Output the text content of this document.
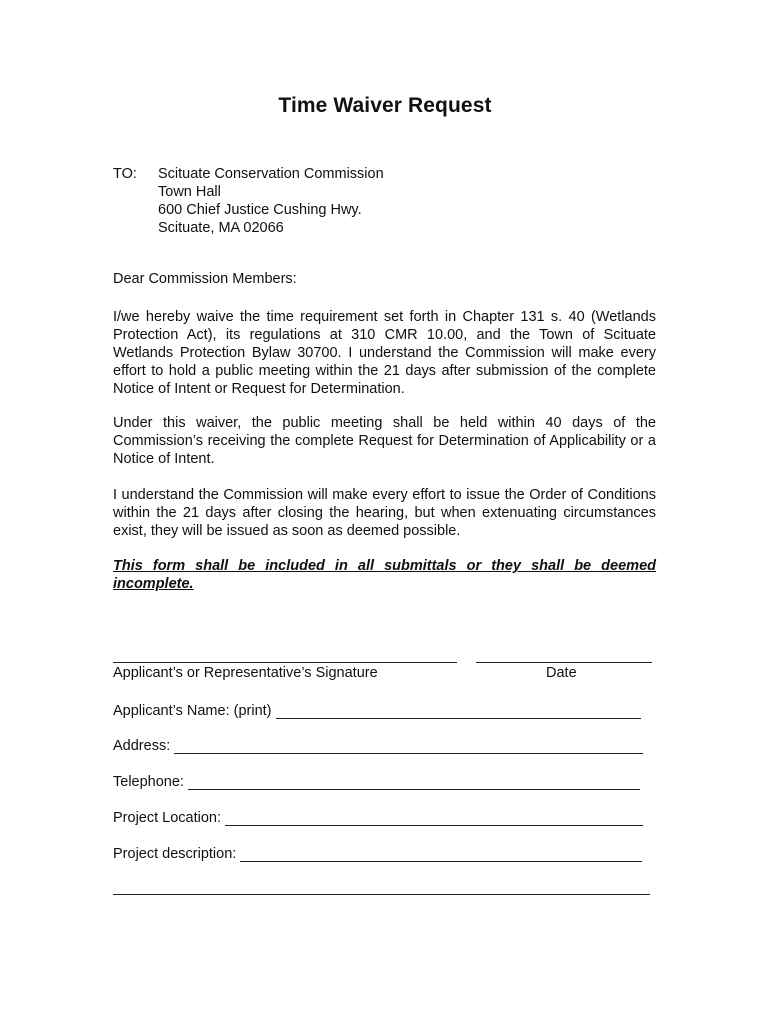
Time Waiver Request
TO: Scituate Conservation Commission
Town Hall
600 Chief Justice Cushing Hwy.
Scituate, MA 02066
Dear Commission Members:

I/we hereby waive the time requirement set forth in Chapter 131 s. 40 (Wetlands Protection Act), its regulations at 310 CMR 10.00, and the Town of Scituate Wetlands Protection Bylaw 30700. I understand the Commission will make every effort to hold a public meeting within the 21 days after submission of the complete Notice of Intent or Request for Determination.

Under this waiver, the public meeting shall be held within 40 days of the Commission’s receiving the complete Request for Determination of Applicability or a Notice of Intent.

I understand the Commission will make every effort to issue the Order of Conditions within the 21 days after closing the hearing, but when extenuating circumstances exist, they will be issued as soon as deemed possible.

This form shall be included in all submittals or they shall be deemed incomplete.

Applicant’s or Representative’s Signature	Date
Applicant’s Name: (print)
Address:
Telephone:
Project Location:
Project description:
